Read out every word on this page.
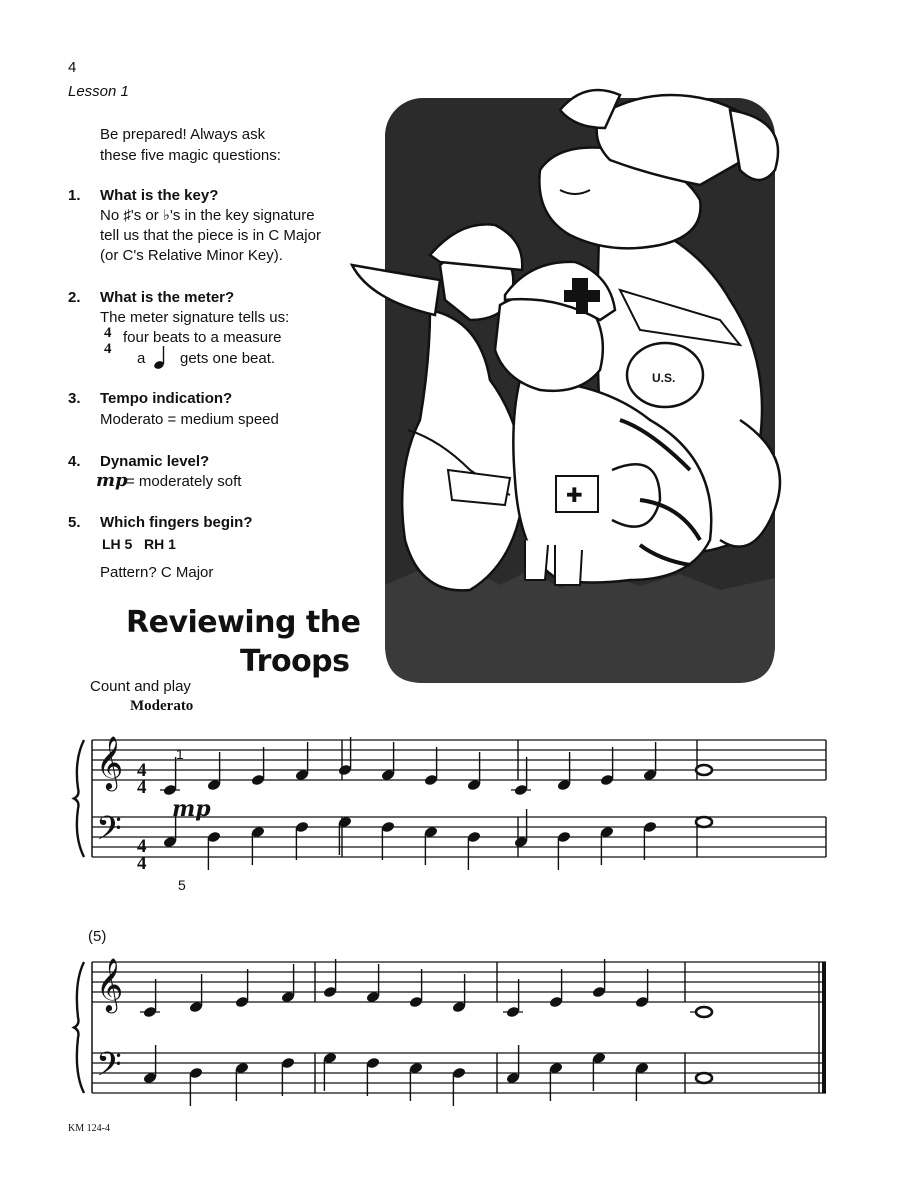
4
Lesson 1
Be prepared! Always ask
these five magic questions:
1. What is the key?
No ♯'s or ♭'s in the key signature
tell us that the piece is in C Major
(or C's Relative Minor Key).
2. What is the meter?
The meter signature tells us:
4
4
four beats to a measure
a gets one beat.
3. Tempo indication?
Moderato = medium speed
4. Dynamic level?
mp
= moderately soft
5. Which fingers begin?
LH 5   RH 1
Pattern? C Major
Reviewing the
Troops
Count and play
Moderato
U.S.
✚
𝄞
𝄢
𝄞
𝄢
1
mp
5
(5)
4
4
4
4
KM 124-4
